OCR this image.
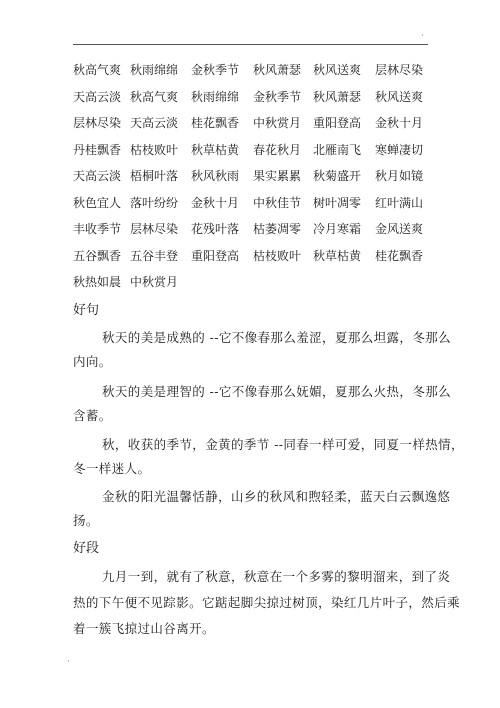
·
秋高气爽 秋雨绵绵 金秋季节 秋风萧瑟 秋风送爽 层林尽染
天高云淡 秋高气爽 秋雨绵绵 金秋季节 秋风萧瑟 秋风送爽
层林尽染 天高云淡 桂花飘香 中秋赏月 重阳登高 金秋十月
丹桂飘香 枯枝败叶 秋草枯黄 春花秋月 北雁南飞 寒蝉凄切
天高云淡 梧桐叶落 秋风秋雨 果实累累 秋菊盛开 秋月如镜
秋色宜人 落叶纷纷 金秋十月 中秋佳节 树叶凋零 红叶满山
丰收季节 层林尽染 花残叶落 枯萎凋零 冷月寒霜 金风送爽
五谷飘香 五谷丰登 重阳登高 枯枝败叶 秋草枯黄 桂花飘香
秋热如晨 中秋赏月
好句
秋天的美是成熟的 --它不像春那么羞涩，夏那么坦露，冬那么
内向。
秋天的美是理智的 --它不像春那么妩媚，夏那么火热，冬那么
含蓄。
秋，收获的季节，金黄的季节 --同春一样可爱，同夏一样热情，
冬一样迷人。
金秋的阳光温馨恬静，山乡的秋风和煦轻柔，蓝天白云飘逸悠
扬。
好段
九月一到，就有了秋意，秋意在一个多雾的黎明溜来，到了炎
热的下午便不见踪影。它踮起脚尖掠过树顶，染红几片叶子，然后乘
着一簇飞掠过山谷离开。
·
